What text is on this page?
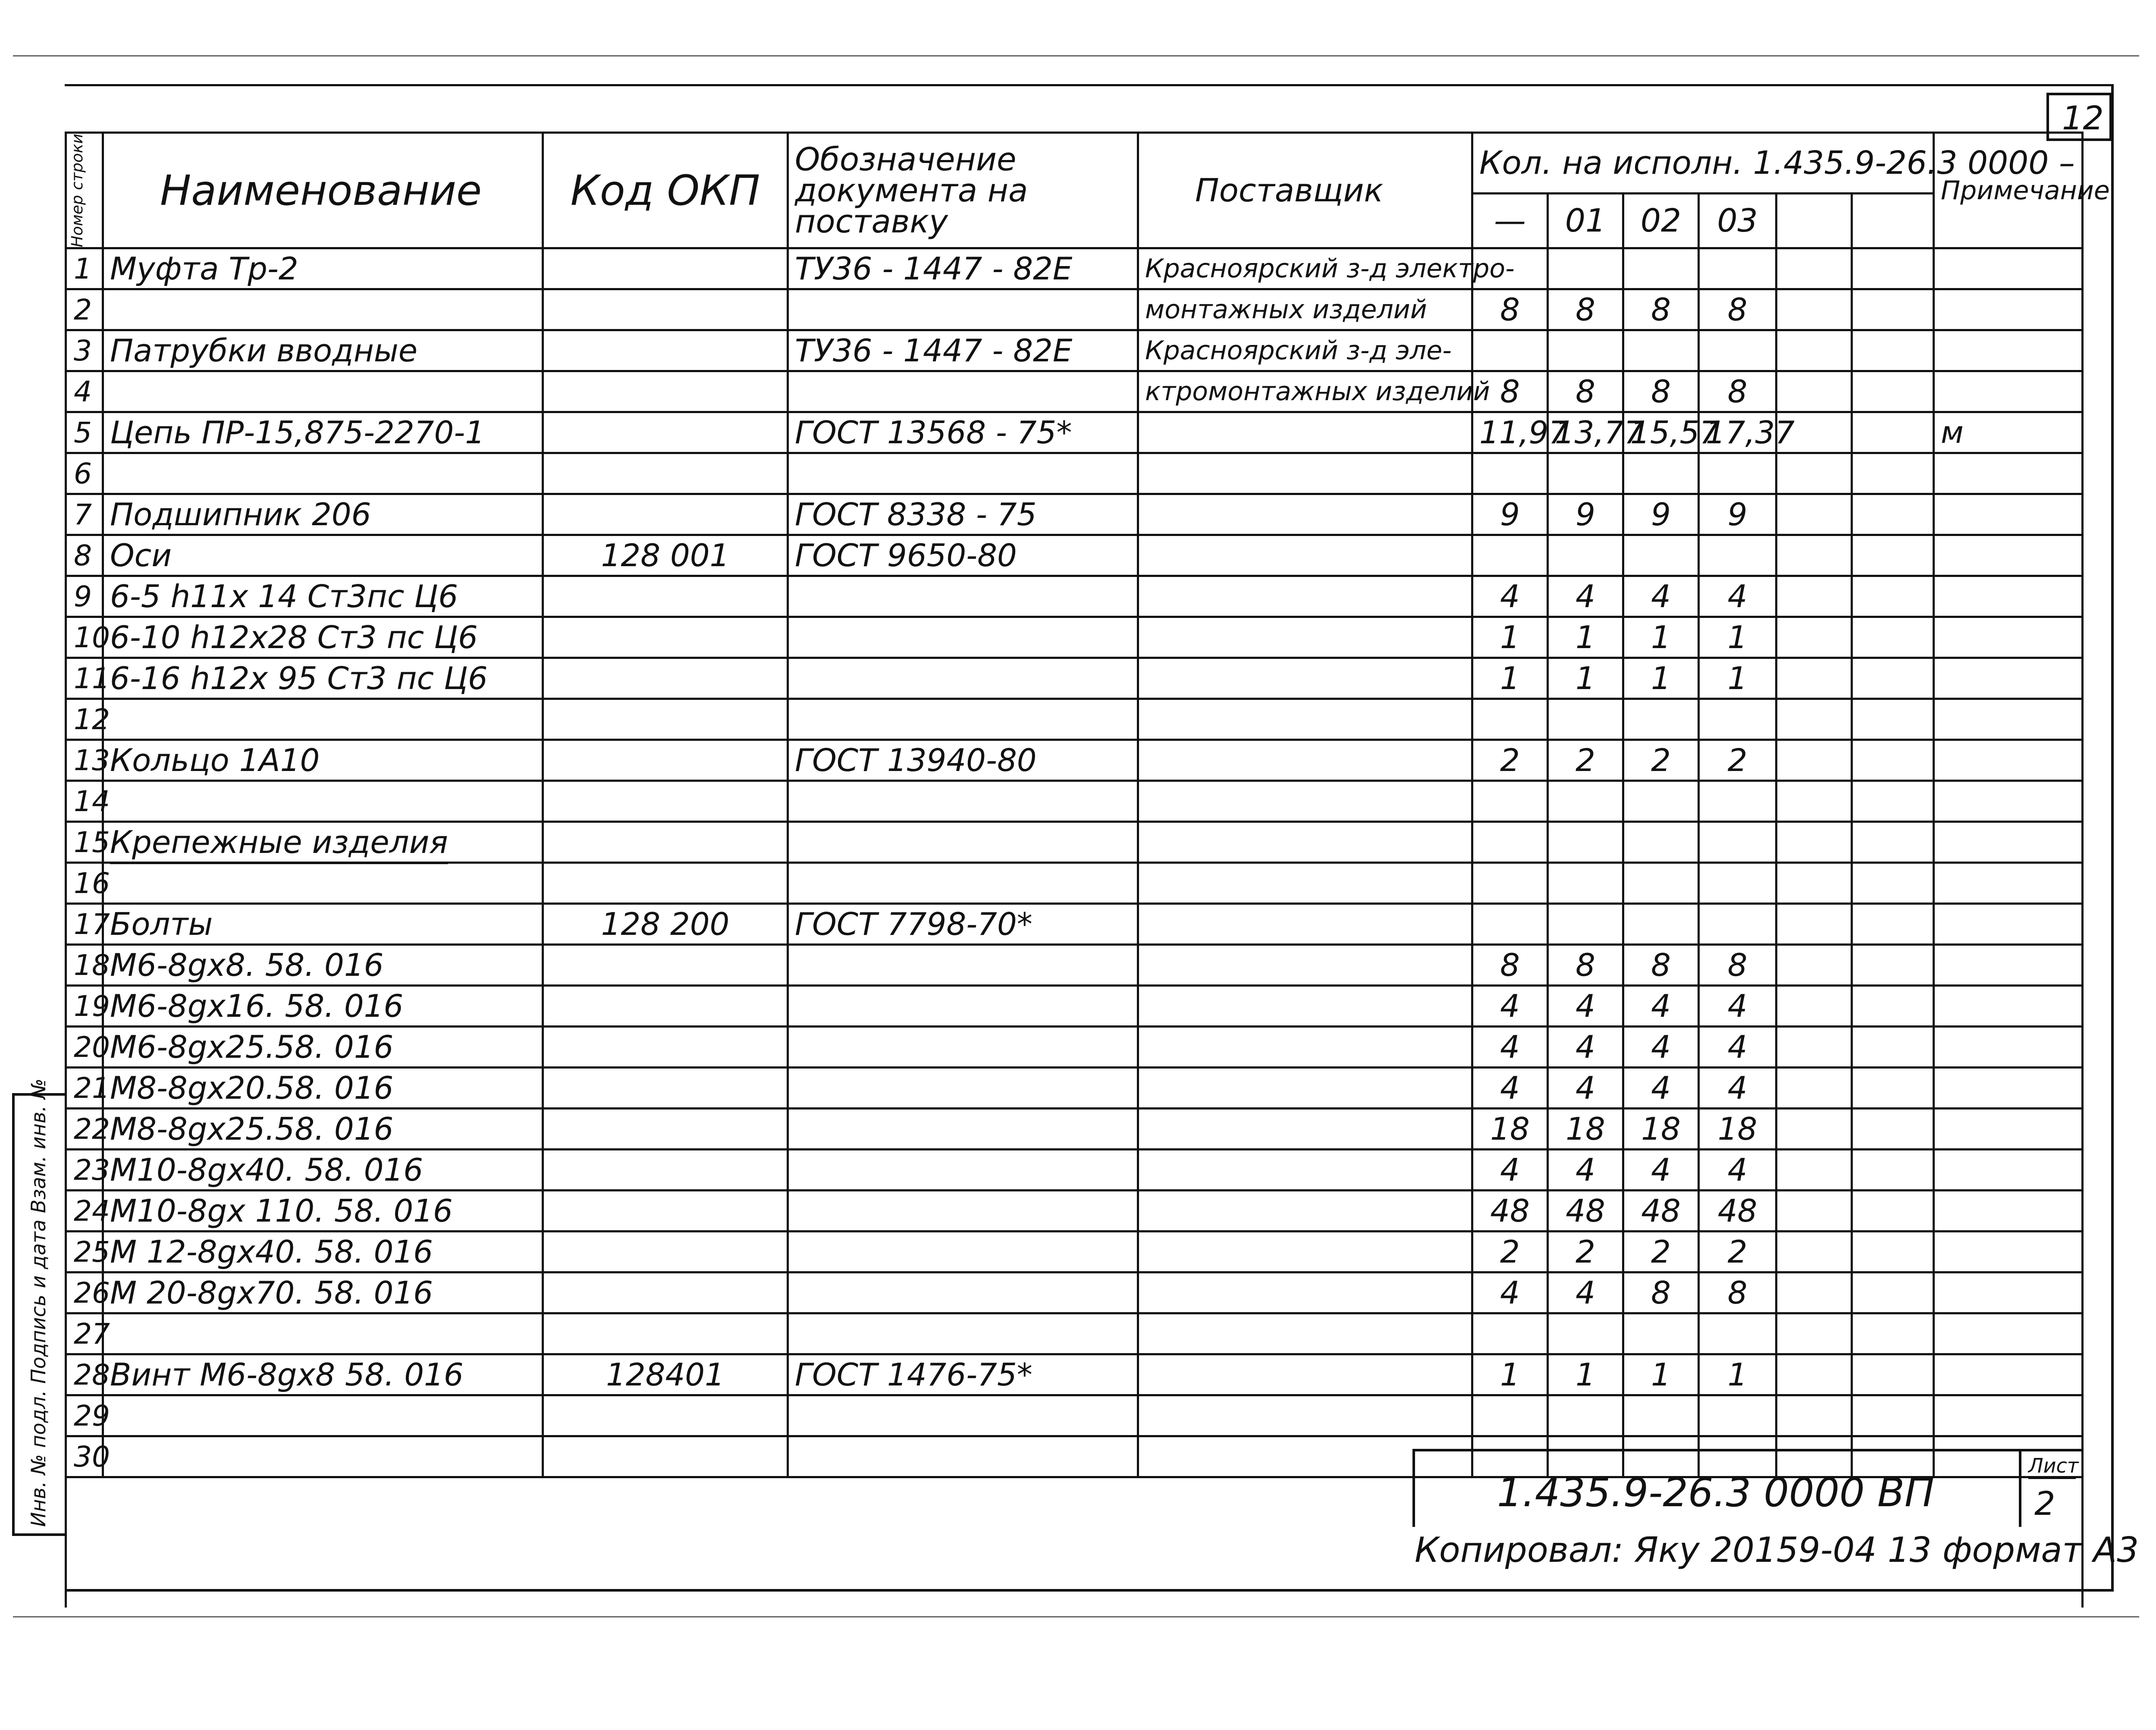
12
Инв. № подл. Подпись и дата Взам. инв. №
Номер строки	Наименование	Код ОКП	Обозначение документа на поставку	Поставщик	Кол. на исполн. 1.435.9-26.3 0000 –						Примечание
					—	01	02	03			
1	Муфта Тр-2		ТУ36 - 1447 - 82Е	Красноярский з-д электро-							
2				монтажных изделий	8	8	8	8			
3	Патрубки вводные		ТУ36 - 1447 - 82Е	Красноярский з-д эле-							
4				ктромонтажных изделий	8	8	8	8			
5	Цепь ПР-15,875-2270-1		ГОСТ 13568 - 75*		11,97	13,77	15,57	17,37			м
6											
7	Подшипник 206		ГОСТ 8338 - 75		9	9	9	9			
8	Оси	128 001	ГОСТ 9650-80								
9	6-5 h11x 14 Ст3пс Ц6				4	4	4	4			
10	6-10 h12x28 Ст3 пс Ц6				1	1	1	1			
11	6-16 h12x 95 Ст3 пс Ц6				1	1	1	1			
12											
13	Кольцо 1А10		ГОСТ 13940-80		2	2	2	2			
14											
15	Крепежные изделия										
16											
17	Болты	128 200	ГОСТ 7798-70*								
18	М6-8gx8. 58. 016				8	8	8	8			
19	М6-8gx16. 58. 016				4	4	4	4			
20	М6-8gx25.58. 016				4	4	4	4			
21	М8-8gx20.58. 016				4	4	4	4			
22	М8-8gx25.58. 016				18	18	18	18			
23	М10-8gx40. 58. 016				4	4	4	4			
24	М10-8gx 110. 58. 016				48	48	48	48			
25	М 12-8gx40. 58. 016				2	2	2	2			
26	М 20-8gx70. 58. 016				4	4	8	8			
27											
28	Винт М6-8gx8 58. 016	128401	ГОСТ 1476-75*		1	1	1	1			
29											
30											

1.435.9-26.3 0000 ВП
Лист
2
Копировал: Яку 20159-04 13 формат А3
